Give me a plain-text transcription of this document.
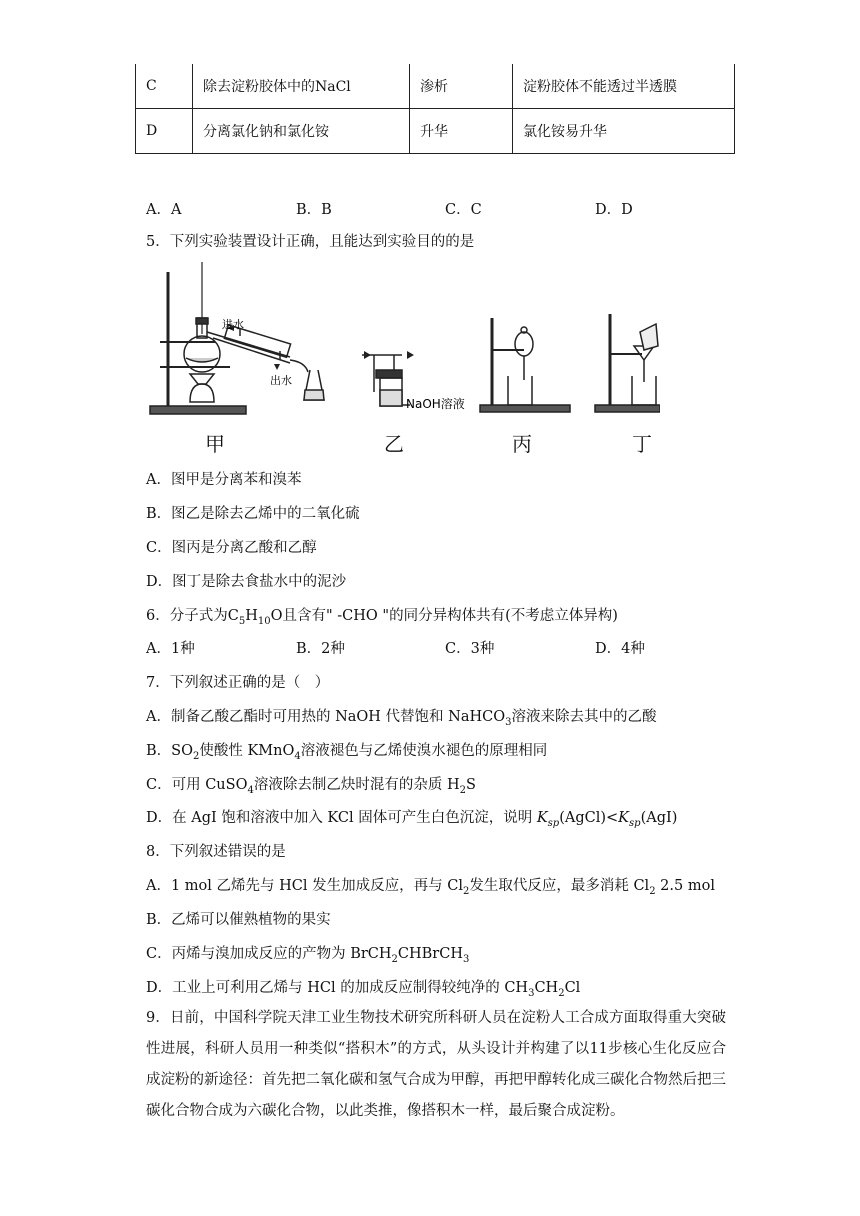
C	除去淀粉胶体中的NaCl	渗析	淀粉胶体不能透过半透膜
D	分离氯化钠和氯化铵	升华	氯化铵易升华
A．A	B．B	C．C	D．D
5．下列实验装置设计正确，且能达到实验目的的是
进水
出水
NaOH溶液
甲	乙	丙	丁
A．图甲是分离苯和溴苯
B．图乙是除去乙烯中的二氧化硫
C．图丙是分离乙酸和乙醇
D．图丁是除去食盐水中的泥沙
6．分子式为$C_5H_{10}O$且含有" -CHO "的同分异构体共有(不考虑立体异构)
A．1种	B．2种	C．3种	D．4种
7．下列叙述正确的是（　）
A．制备乙酸乙酯时可用热的 NaOH 代替饱和 NaHCO$_3$溶液来除去其中的乙酸
B．$SO_2$使酸性 KMnO$_4$溶液褪色与乙烯使溴水褪色的原理相同
C．可用 CuSO$_4$溶液除去制乙炔时混有的杂质 $H_2S$
D．在 AgI 饱和溶液中加入 KCl 固体可产生白色沉淀，说明 $K_{sp}(AgCl)<K_{sp}(AgI)$
8．下列叙述错误的是
A．1 mol 乙烯先与 HCl 发生加成反应，再与 $Cl_2$发生取代反应，最多消耗 $Cl_2$ 2.5 mol
B．乙烯可以催熟植物的果实
C．丙烯与溴加成反应的产物为 BrCH$_2$CHBrCH$_3$
D．工业上可利用乙烯与 HCl 的加成反应制得较纯净的 $CH_3CH_2Cl$
9．日前，中国科学院天津工业生物技术研究所科研人员在淀粉人工合成方面取得重大突破性进展，科研人员用一种类似“搭积木”的方式，从头设计并构建了以11步核心生化反应合成淀粉的新途径：首先把二氧化碳和氢气合成为甲醇，再把甲醇转化成三碳化合物然后把三碳化合物合成为六碳化合物，以此类推，像搭积木一样，最后聚合成淀粉。
